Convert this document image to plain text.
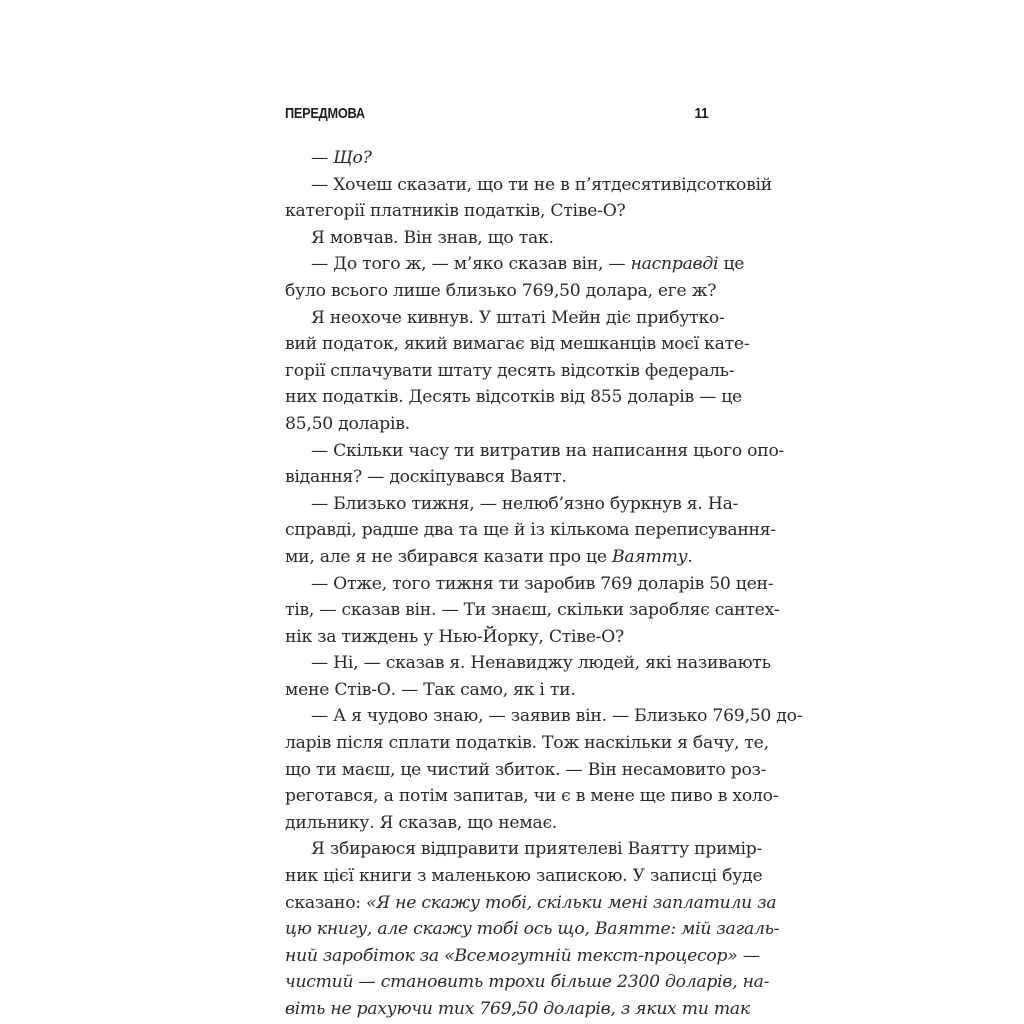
ПЕРЕДМОВА	11
— Що?
— Хочеш сказати, що ти не в п’ятдесятивідсотковій
категорії платників податків, Стіве-О?
Я мовчав. Він знав, що так.
— До того ж, — м’яко сказав він, — насправді це
було всього лише близько 769,50 долара, еге ж?
Я неохоче кивнув. У штаті Мейн діє прибутко-
вий податок, який вимагає від мешканців моєї кате-
горії сплачувати штату десять відсотків федераль-
них податків. Десять відсотків від 855 доларів — це
85,50 доларів.
— Скільки часу ти витратив на написання цього опо-
відання? — доскіпувався Ваятт.
— Близько тижня, — нелюб’язно буркнув я. На-
справді, радше два та ще й із кількома переписування-
ми, але я не збирався казати про це Ваятту.
— Отже, того тижня ти заробив 769 доларів 50 цен-
тів, — сказав він. — Ти знаєш, скільки заробляє сантех-
нік за тиждень у Нью-Йорку, Стіве-О?
— Ні, — сказав я. Ненавиджу людей, які називають
мене Стів-О. — Так само, як і ти.
— А я чудово знаю, — заявив він. — Близько 769,50 до-
ларів після сплати податків. Тож наскільки я бачу, те,
що ти маєш, це чистий збиток. — Він несамовито роз-
реготався, а потім запитав, чи є в мене ще пиво в холо-
дильнику. Я сказав, що немає.
Я збираюся відправити приятелеві Ваятту примір-
ник цієї книги з маленькою запискою. У записці буде
сказано: «Я не скажу тобі, скільки мені заплатили за
цю книгу, але скажу тобі ось що, Ваятте: мій загаль-
ний заробіток за «Всемогутній текст-процесор» —
чистий — становить трохи більше 2300 доларів, на-
віть не рахуючи тих 769,50 доларів, з яких ти так
